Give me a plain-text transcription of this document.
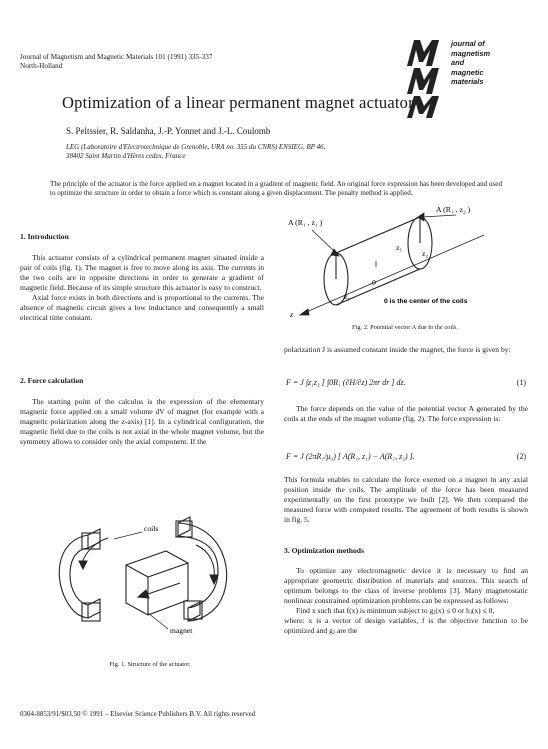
Journal of Magnetism and Magnetic Materials 101 (1991) 335-337
North-Holland
journal of
magnetism
and
magnetic
materials
Optimization of a linear permanent magnet actuator
S. Peltssier, R. Saldanha, J.-P. Yonnet and J.-L. Coulomb
LEG (Laboratoire d'Electrotechnique de Grenoble, URA no. 355 du CNRS) ENSIEG, BP 46,
38402 Saint Martin d'Hères cedex, France
The principle of the actuator is the force applied on a magnet located in a gradient of magnetic field. An original force expression has been developed and used to optimize the structure in order to obtain a force which is constant along a given displacement. The penalty method is applied.
1. Introduction

This actuator consists of a cylindrical permanent magnet situated inside a pair of coils (fig. 1). The magnet is free to move along its axis. The currents in the two coils are in opposite directions in order to generate a gradient of magnetic field. Because of its simple structure this actuator is easy to construct.

Axial force exists in both directions and is proportional to the currents. The absence of magnetic circuit gives a low inductance and consequently a small electrical time constant.

2. Force calculation

The starting point of the calculus is the expression of the elementary magnetic force applied on a small volume dV of magnet (for example with a magnetic polarization along the z-axis) [1]. In a cylindrical configuration, the magnetic field due to the coils is not axial in the whole magnet volume, but the symmetry allows to consider only the axial component. If the

coils
magnet
Fig. 1. Structure of the actuator.
A (R₁ , z₁ )
A (R₁ , z₂ )
z₁
z₂
z₁
0
0 is the center of the coils
z
Fig. 2. Potential vector A due to the coils.
polarization J is assumed constant inside the magnet, the force is given by:
F = J ∫z₁z₂ [ ∫0R₁ (∂H/∂z) 2πr dr ] dz.	(1)

The force depends on the value of the potential vector A generated by the coils at the ends of the magnet volume (fig. 2). The force expression is:

F = J (2πR₁/μ₀) [ A(R₁, z₁) − A(R₁, z₂) ].	(2)
This formula enables to calculate the force exerted on a magnet in any axial position inside the coils. The amplitude of the force has been measured experimentally on the first prototype we built [2]. We then compared the measured force with computed results. The agreement of both results is shown in fig. 5.
3. Optimization methods

To optimize any electromagnetic device it is necessary to find an appropriate geometric distribution of materials and sources. This search of optimum belongs to the class of inverse problems [3]. Many magnetostatic nonlinear constrained optimization problems can be expressed as follows:

Find x such that f(x) is minimum subject to gⱼ(x) ≤ 0 or hⱼ(x) ≤ 0,

where: x is a vector of design variables, f is the objective function to be optimized and gⱼ are the
0304-8853/91/$03.50 © 1991 – Elsevier Science Publishers B.V. All rights reserved
